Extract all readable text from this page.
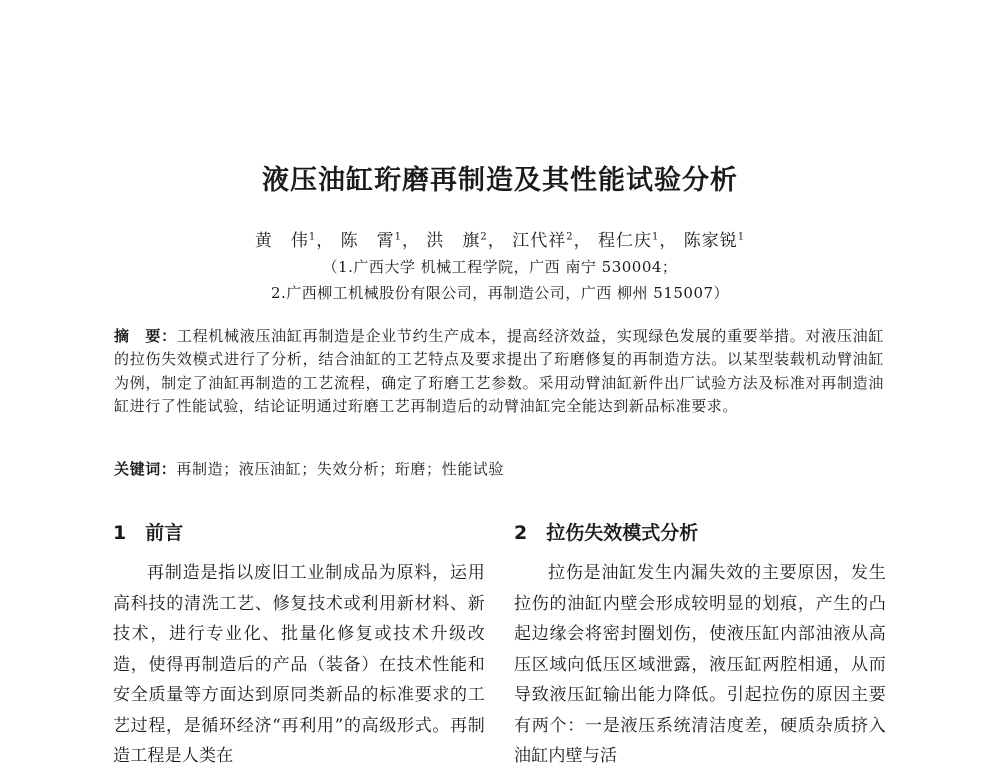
液压油缸珩磨再制造及其性能试验分析
黄　伟$^1$， 陈　霄$^1$， 洪　旗$^2$， 江代祥$^2$， 程仁庆$^1$， 陈家锐$^1$
（1.广西大学 机械工程学院，广西 南宁 530004；
2.广西柳工机械股份有限公司，再制造公司，广西 柳州 515007）
摘　要：工程机械液压油缸再制造是企业节约生产成本，提高经济效益，实现绿色发展的重要举措。对液压油缸的拉伤失效模式进行了分析，结合油缸的工艺特点及要求提出了珩磨修复的再制造方法。以某型装载机动臂油缸为例，制定了油缸再制造的工艺流程，确定了珩磨工艺参数。采用动臂油缸新件出厂试验方法及标准对再制造油缸进行了性能试验，结论证明通过珩磨工艺再制造后的动臂油缸完全能达到新品标准要求。
关键词：再制造；液压油缸；失效分析；珩磨；性能试验
1　前言

再制造是指以废旧工业制成品为原料，运用高科技的清洗工艺、修复技术或利用新材料、新技术，进行专业化、批量化修复或技术升级改造，使得再制造后的产品（装备）在技术性能和安全质量等方面达到原同类新品的标准要求的工艺过程，是循环经济“再利用”的高级形式。再制造工程是人类在

2　拉伤失效模式分析

拉伤是油缸发生内漏失效的主要原因，发生拉伤的油缸内壁会形成较明显的划痕，产生的凸起边缘会将密封圈划伤，使液压缸内部油液从高压区域向低压区域泄露，液压缸两腔相通，从而导致液压缸输出能力降低。引起拉伤的原因主要有两个：一是液压系统清洁度差，硬质杂质挤入油缸内壁与活
